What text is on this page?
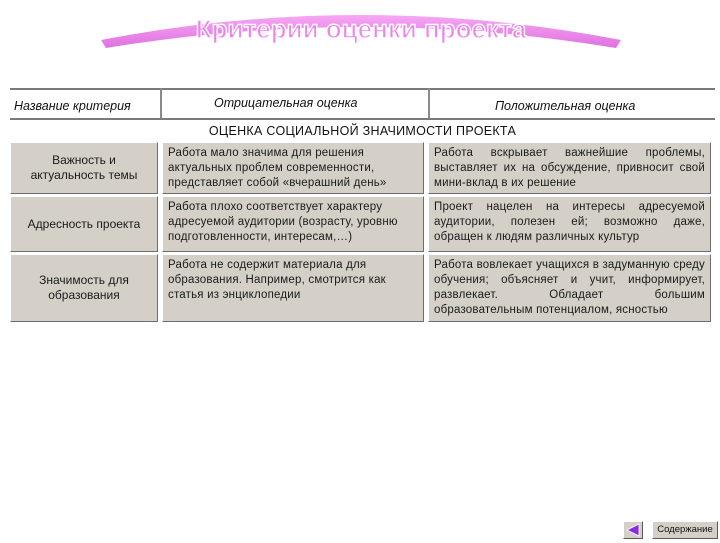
Критерии оценки проекта
Название критерия	Отрицательная оценка	Положительная оценка
ОЦЕНКА СОЦИАЛЬНОЙ ЗНАЧИМОСТИ ПРОЕКТА
Важность и актуальность темы
Работа мало значима для решения актуальных проблем современности, представляет собой «вчерашний день»
Работа вскрывает важнейшие проблемы, выставляет их на обсуждение, привносит свой мини-вклад в их решение
Адресность проекта
Работа плохо соответствует характеру адресуемой аудитории (возрасту, уровню подготовленности, интересам,…)
Проект нацелен на интересы адресуемой аудитории, полезен ей; возможно даже, обращен к людям различных культур
Значимость для образования
Работа не содержит материала для образования. Например, смотрится как статья из энциклопедии
Работа вовлекает учащихся в задуманную среду обучения; объясняет и учит, информирует, развлекает. Обладает большим образовательным потенциалом, ясностью
Содержание
